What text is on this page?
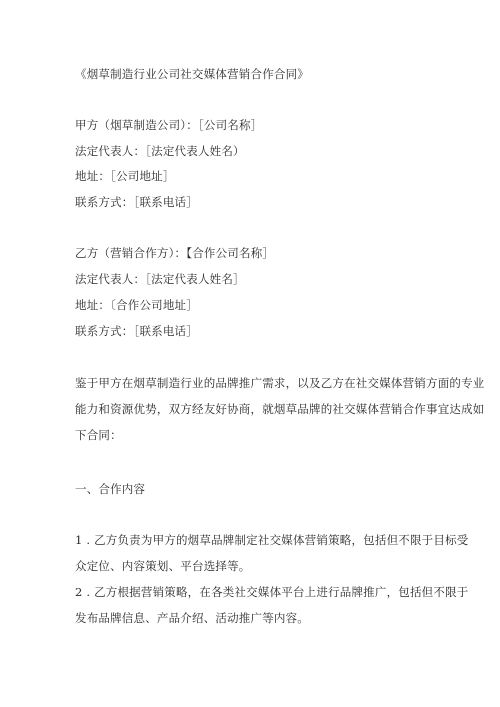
《烟草制造行业公司社交媒体营销合作合同》
甲方（烟草制造公司）：［公司名称］
法定代表人：［法定代表人姓名）
地址：［公司地址］
联系方式：［联系电话］
乙方（营销合作方）：【合作公司名称］
法定代表人：［法定代表人姓名］
地址：〔合作公司地址］
联系方式：［联系电话］
鉴于甲方在烟草制造行业的品牌推广需求，以及乙方在社交媒体营销方面的专业
能力和资源优势，双方经友好协商，就烟草品牌的社交媒体营销合作事宜达成如
下合同：
一、合作内容
1 . 乙方负责为甲方的烟草品牌制定社交媒体营销策略，包括但不限于目标受
众定位、内容策划、平台选择等。
2 . 乙方根据营销策略，在各类社交媒体平台上进行品牌推广，包括但不限于
发布品牌信息、产品介绍、活动推广等内容。
